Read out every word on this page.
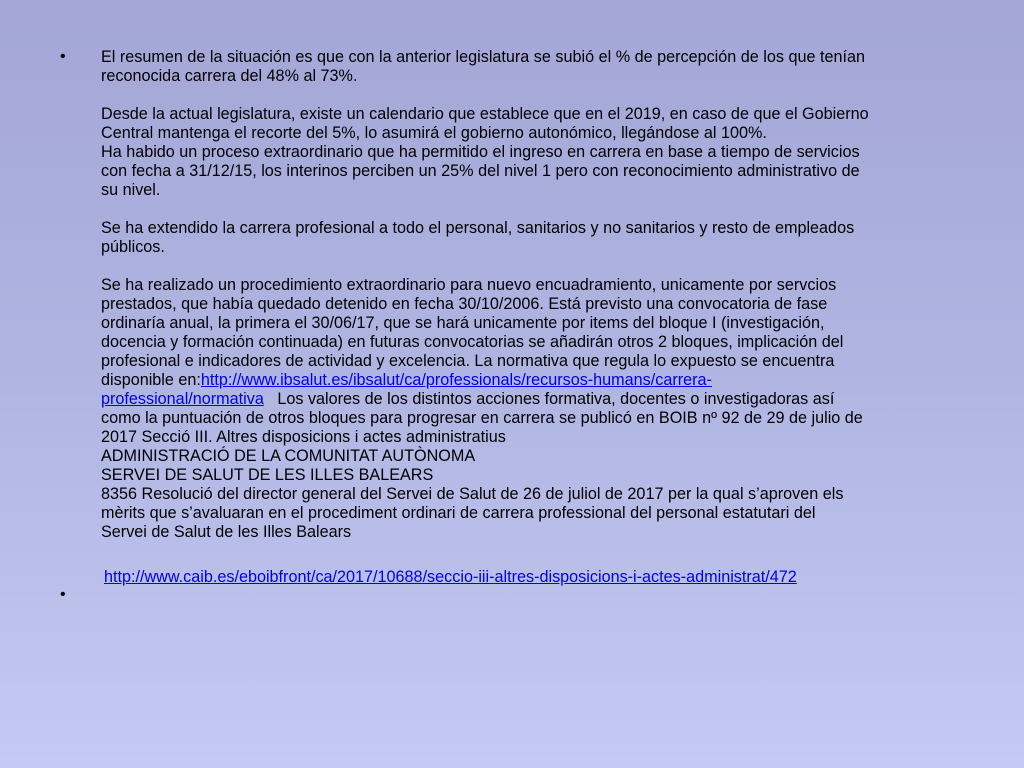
•
•
El resumen de la situación es que con la anterior legislatura se subió el % de percepción de los que tenían
reconocida carrera del 48% al 73%.
Desde la actual legislatura, existe un calendario que establece que en el 2019, en caso de que el Gobierno
Central mantenga el recorte del 5%, lo asumirá el gobierno autonómico, llegándose al 100%.
Ha habido un proceso extraordinario que ha permitido el ingreso en carrera en base a tiempo de servicios
con fecha a 31/12/15, los interinos perciben un 25% del nivel 1 pero con reconocimiento administrativo de
su nivel.
Se ha extendido la carrera profesional a todo el personal, sanitarios y no sanitarios y resto de empleados
públicos.
Se ha realizado un procedimiento extraordinario para nuevo encuadramiento, unicamente por servcios
prestados, que había quedado detenido en fecha 30/10/2006. Está previsto una convocatoria de fase
ordinaría anual, la primera el 30/06/17, que se hará unicamente por items del bloque I (investigación,
docencia y formación continuada) en futuras convocatorias se añadirán otros 2 bloques, implicación del
profesional e indicadores de actividad y excelencia. La normativa que regula lo expuesto se encuentra
disponible en:http://www.ibsalut.es/ibsalut/ca/professionals/recursos-humans/carrera-
professional/normativa   Los valores de los distintos acciones formativa, docentes o investigadoras así
como la puntuación de otros bloques para progresar en carrera se publicó en BOIB nº 92 de 29 de julio de
2017 Secció III. Altres disposicions i actes administratius
ADMINISTRACIÓ DE LA COMUNITAT AUTÒNOMA
SERVEI DE SALUT DE LES ILLES BALEARS
8356 Resolució del director general del Servei de Salut de 26 de juliol de 2017 per la qual s’aproven els
mèrits que s’avaluaran en el procediment ordinari de carrera professional del personal estatutari del
Servei de Salut de les Illes Balears
http://www.caib.es/eboibfront/ca/2017/10688/seccio-iii-altres-disposicions-i-actes-administrat/472
